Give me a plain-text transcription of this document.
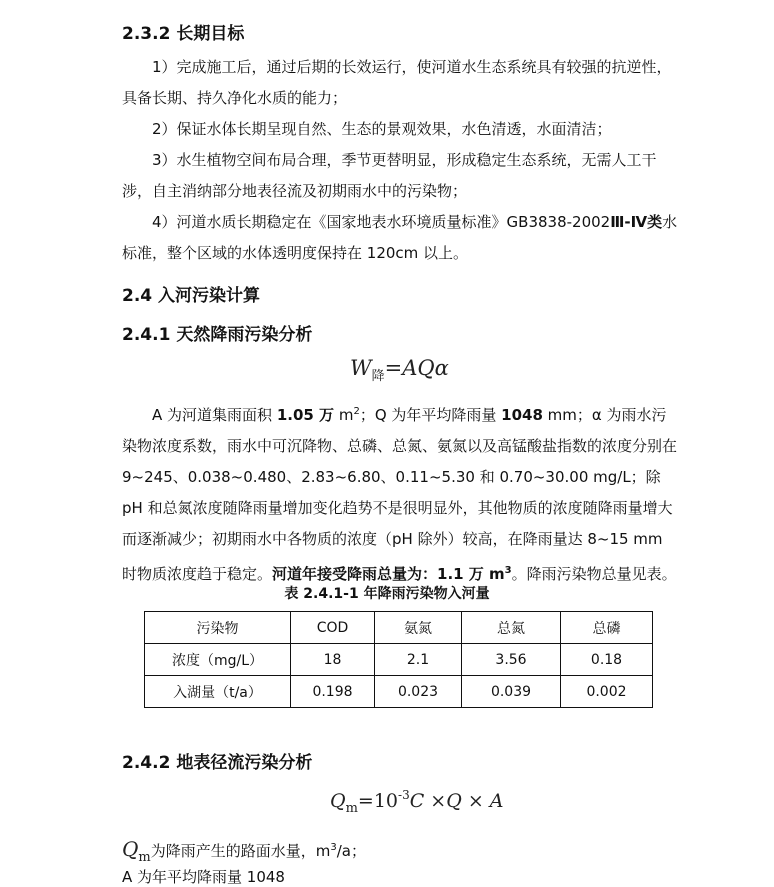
2.3.2 长期目标
1）完成施工后，通过后期的长效运行，使河道水生态系统具有较强的抗逆性，具备长期、持久净化水质的能力；
2）保证水体长期呈现自然、生态的景观效果，水色清透，水面清洁；
3）水生植物空间布局合理，季节更替明显，形成稳定生态系统，无需人工干涉，自主消纳部分地表径流及初期雨水中的污染物；
4）河道水质长期稳定在《国家地表水环境质量标准》GB3838-2002Ⅲ-Ⅳ类水标准，整个区域的水体透明度保持在 120cm 以上。
2.4 入河污染计算
2.4.1 天然降雨污染分析
$W_降=AQ\alpha$
A 为河道集雨面积 1.05 万 $m^2$；Q 为年平均降雨量 1048 mm；α 为雨水污染物浓度系数，雨水中可沉降物、总磷、总氮、氨氮以及高锰酸盐指数的浓度分别在 9~245、0.038~0.480、2.83~6.80、0.11~5.30 和 0.70~30.00 mg/L；除 pH 和总氮浓度随降雨量增加变化趋势不是很明显外，其他物质的浓度随降雨量增大而逐渐减少；初期雨水中各物质的浓度（pH 除外）较高，在降雨量达 8~15 mm 时物质浓度趋于稳定。河道年接受降雨总量为：1.1 万 $m^3$。降雨污染物总量见表。
表 2.4.1-1 年降雨污染物入河量
污染物	COD	氨氮	总氮	总磷
浓度（mg/L）	18	2.1	3.56	0.18
入湖量（t/a）	0.198	0.023	0.039	0.002
2.4.2 地表径流污染分析
$Q_m=10^{-3}C \times Q \times A$
$Q_m$为降雨产生的路面水量，$m^3/a$；
A 为年平均降雨量 1048
